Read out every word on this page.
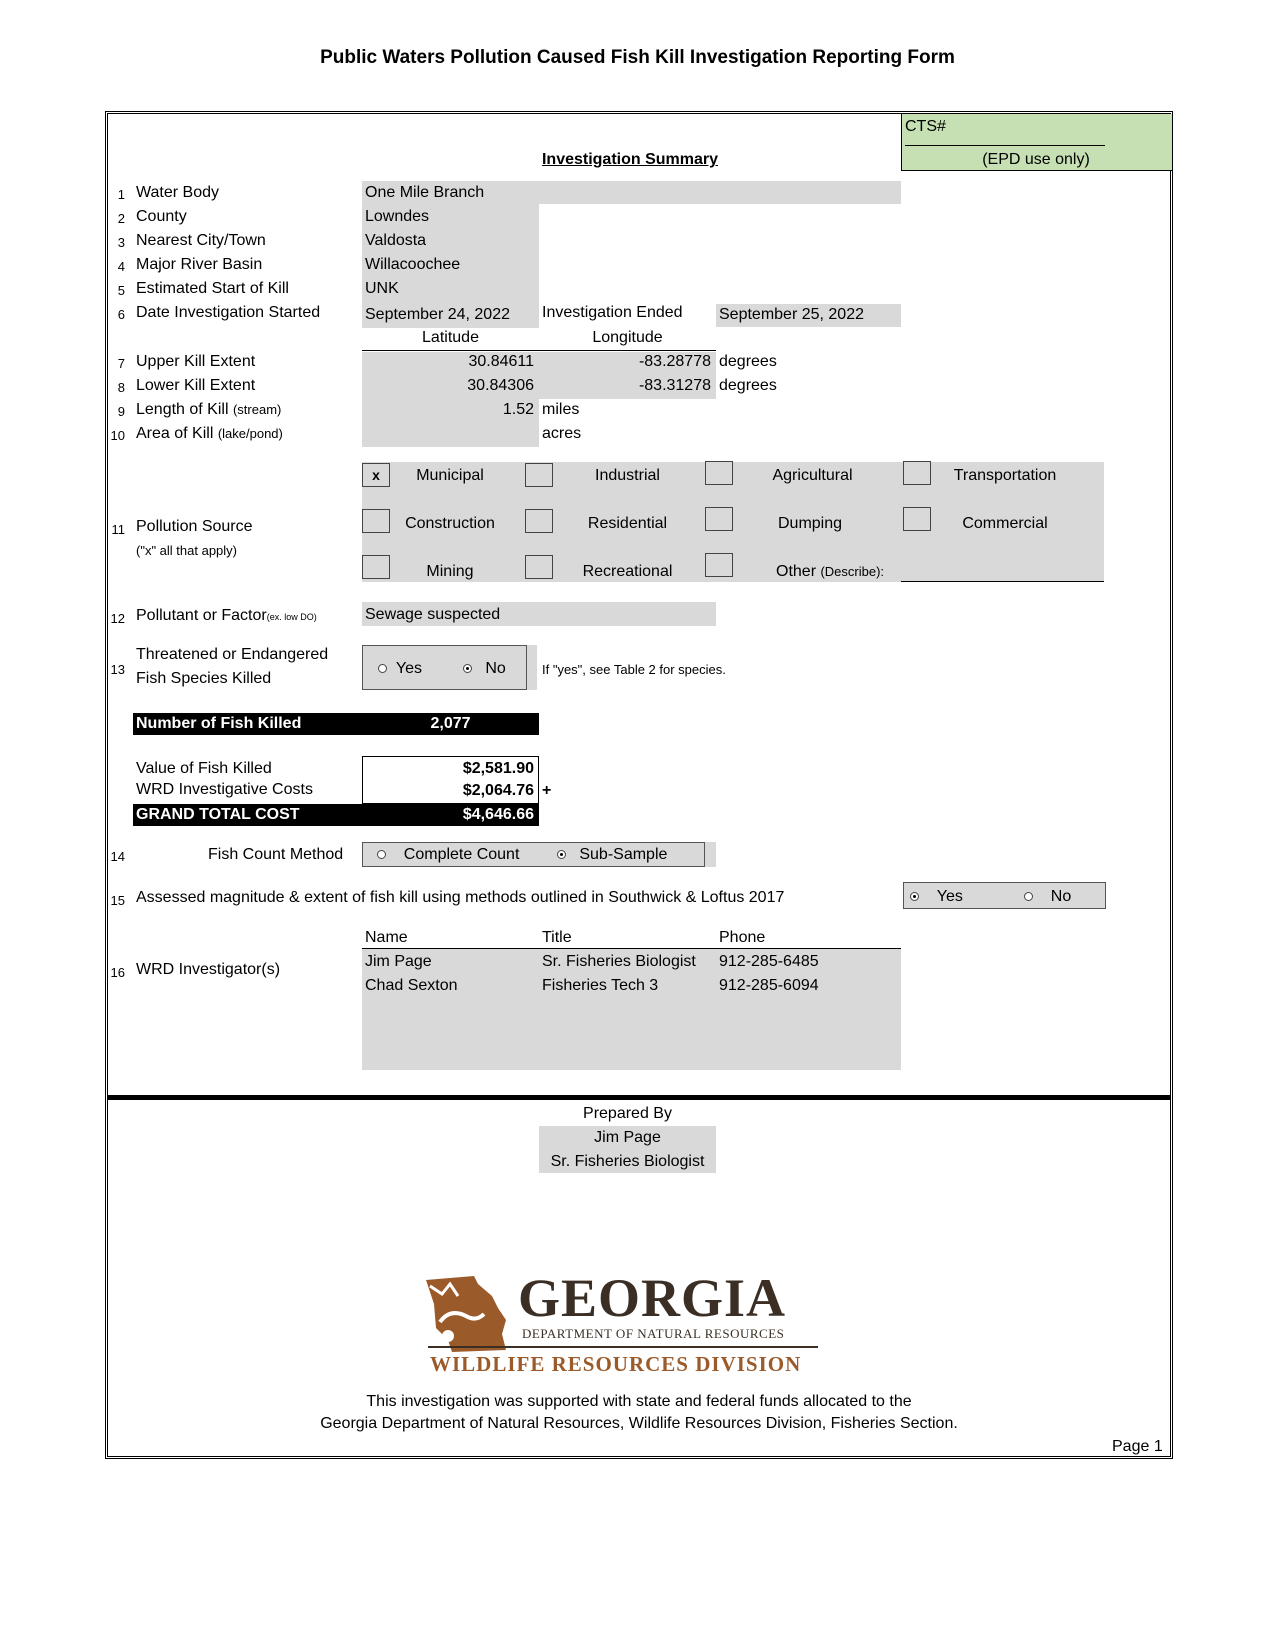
Public Waters Pollution Caused Fish Kill Investigation Reporting Form
CTS#
(EPD use only)
Investigation Summary
1 Water Body	One Mile Branch
2 County	Lowndes
3 Nearest City/Town	Valdosta
4 Major River Basin	Willacoochee
5 Estimated Start of Kill	UNK
6 Date Investigation Started	September 24, 2022 Investigation Ended September 25, 2022
Latitude	Longitude
7 Upper Kill Extent	30.84611	-83.28778 degrees
8 Lower Kill Extent	30.84306	-83.31278 degrees
9 Length of Kill (stream)	1.52 miles
10 Area of Kill (lake/pond)	acres
11 Pollution Source
("x" all that apply)
x	Municipal	Industrial	Agricultural	Transportation
Construction	Residential	Dumping	Commercial
Mining	Recreational	Other (Describe):
12 Pollutant or Factor(ex. low DO)	Sewage suspected
13
Threatened or Endangered
Fish Species Killed
Yes	No	If "yes", see Table 2 for species.
Number of Fish Killed	2,077
Value of Fish Killed	$2,581.90
WRD Investigative Costs	$2,064.76 +
GRAND TOTAL COST	$4,646.66
14	Fish Count Method	Complete Count	Sub-Sample
15 Assessed magnitude & extent of fish kill using methods outlined in Southwick & Loftus 2017	Yes	No
Name	Title	Phone
16 WRD Investigator(s)	Jim Page	Sr. Fisheries Biologist 912-285-6485
Chad Sexton	Fisheries Tech 3	912-285-6094
Prepared By
Jim Page
Sr. Fisheries Biologist
GEORGIA
DEPARTMENT OF NATURAL RESOURCES
WILDLIFE RESOURCES DIVISION
This investigation was supported with state and federal funds allocated to the
Georgia Department of Natural Resources, Wildlife Resources Division, Fisheries Section.
Page 1
